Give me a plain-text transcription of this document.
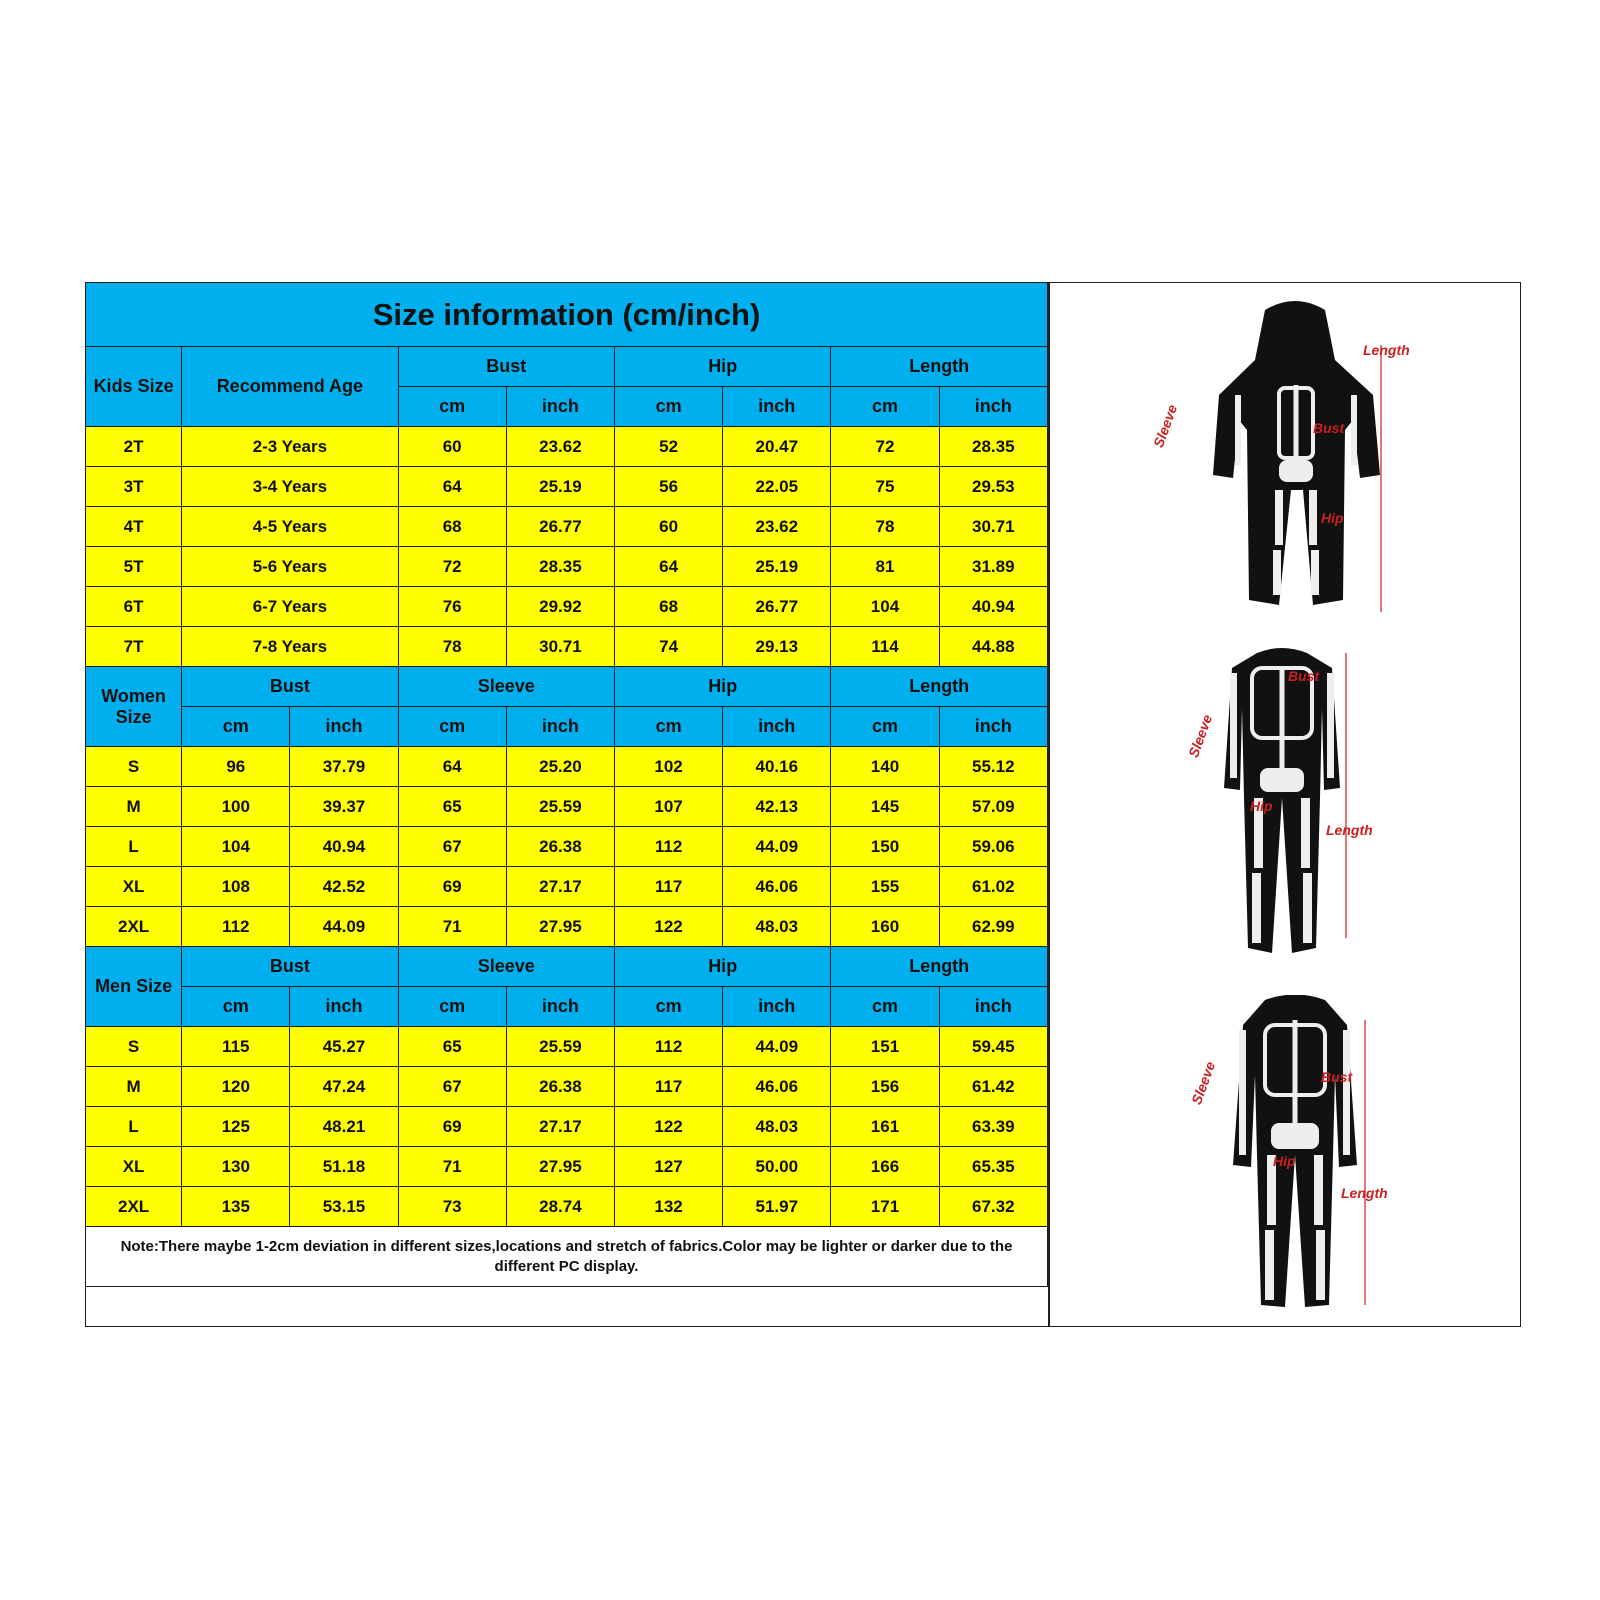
Size information (cm/inch)								
Kids Size	Recommend Age		Bust		Hip		Length	
			cm	inch	cm	inch	cm	inch
2T	2-3 Years		60	23.62	52	20.47	72	28.35
3T	3-4 Years		64	25.19	56	22.05	75	29.53
4T	4-5 Years		68	26.77	60	23.62	78	30.71
5T	5-6 Years		72	28.35	64	25.19	81	31.89
6T	6-7 Years		76	29.92	68	26.77	104	40.94
7T	7-8 Years		78	30.71	74	29.13	114	44.88
Women Size	Bust		Sleeve		Hip		Length	
	cm	inch	cm	inch	cm	inch	cm	inch
S	96	37.79	64	25.20	102	40.16	140	55.12
M	100	39.37	65	25.59	107	42.13	145	57.09
L	104	40.94	67	26.38	112	44.09	150	59.06
XL	108	42.52	69	27.17	117	46.06	155	61.02
2XL	112	44.09	71	27.95	122	48.03	160	62.99
Men Size	Bust		Sleeve		Hip		Length	
	cm	inch	cm	inch	cm	inch	cm	inch
S	115	45.27	65	25.59	112	44.09	151	59.45
M	120	47.24	67	26.38	117	46.06	156	61.42
L	125	48.21	69	27.17	122	48.03	161	63.39
XL	130	51.18	71	27.95	127	50.00	166	65.35
2XL	135	53.15	73	28.74	132	51.97	171	67.32
Note:There maybe 1-2cm deviation in different sizes,locations and stretch of fabrics.Color may be lighter or darker due to the different PC display.								
Length
Sleeve	Bust
Hip
Bust
Sleeve
Hip
Length
Sleeve	Bust
Hip
Length
